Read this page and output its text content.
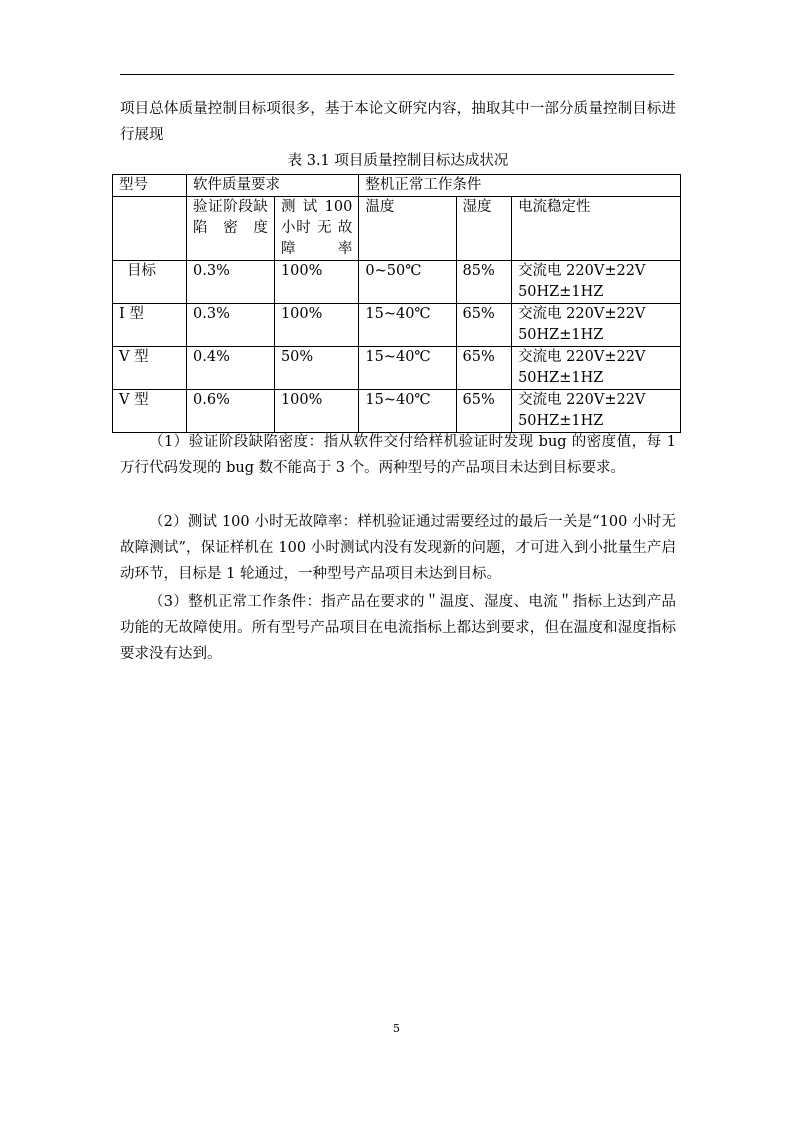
项目总体质量控制目标项很多，基于本论文研究内容，抽取其中一部分质量控制目标进行展现

表 3.1 项目质量控制目标达成状况
型号	软件质量要求		整机正常工作条件		
	验证阶段缺陷密度	测 试 100 小时 无 故障率	温度	湿度	电流稳定性
目标	0.3%	100%	0~50℃	85%	交流电 220V±22V 50HZ±1HZ
I 型	0.3%	100%	15~40℃	65%	交流电 220V±22V 50HZ±1HZ
V 型	0.4%	50%	15~40℃	65%	交流电 220V±22V 50HZ±1HZ
V 型	0.6%	100%	15~40℃	65%	交流电 220V±22V 50HZ±1HZ

（1）验证阶段缺陷密度：指从软件交付给样机验证时发现 bug 的密度值，每 1 万行代码发现的 bug 数不能高于 3 个。两种型号的产品项目未达到目标要求。

（2）测试 100 小时无故障率：样机验证通过需要经过的最后一关是“100 小时无故障测试”，保证样机在 100 小时测试内没有发现新的问题，才可进入到小批量生产启动环节，目标是 1 轮通过，一种型号产品项目未达到目标。

（3）整机正常工作条件：指产品在要求的＂温度、湿度、电流＂指标上达到产品功能的无故障使用。所有型号产品项目在电流指标上都达到要求，但在温度和湿度指标要求没有达到。

5
